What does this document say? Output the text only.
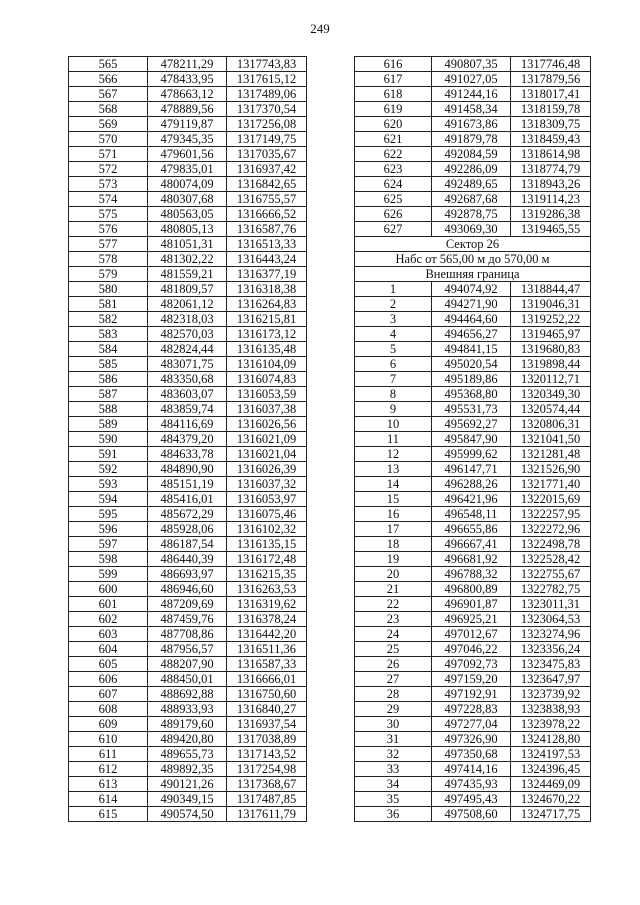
249
565	478211,29	1317743,83
566	478433,95	1317615,12
567	478663,12	1317489,06
568	478889,56	1317370,54
569	479119,87	1317256,08
570	479345,35	1317149,75
571	479601,56	1317035,67
572	479835,01	1316937,42
573	480074,09	1316842,65
574	480307,68	1316755,57
575	480563,05	1316666,52
576	480805,13	1316587,76
577	481051,31	1316513,33
578	481302,22	1316443,24
579	481559,21	1316377,19
580	481809,57	1316318,38
581	482061,12	1316264,83
582	482318,03	1316215,81
583	482570,03	1316173,12
584	482824,44	1316135,48
585	483071,75	1316104,09
586	483350,68	1316074,83
587	483603,07	1316053,59
588	483859,74	1316037,38
589	484116,69	1316026,56
590	484379,20	1316021,09
591	484633,78	1316021,04
592	484890,90	1316026,39
593	485151,19	1316037,32
594	485416,01	1316053,97
595	485672,29	1316075,46
596	485928,06	1316102,32
597	486187,54	1316135,15
598	486440,39	1316172,48
599	486693,97	1316215,35
600	486946,60	1316263,53
601	487209,69	1316319,62
602	487459,76	1316378,24
603	487708,86	1316442,20
604	487956,57	1316511,36
605	488207,90	1316587,33
606	488450,01	1316666,01
607	488692,88	1316750,60
608	488933,93	1316840,27
609	489179,60	1316937,54
610	489420,80	1317038,89
611	489655,73	1317143,52
612	489892,35	1317254,98
613	490121,26	1317368,67
614	490349,15	1317487,85
615	490574,50	1317611,79
616	490807,35	1317746,48
617	491027,05	1317879,56
618	491244,16	1318017,41
619	491458,34	1318159,78
620	491673,86	1318309,75
621	491879,78	1318459,43
622	492084,59	1318614,98
623	492286,09	1318774,79
624	492489,65	1318943,26
625	492687,68	1319114,23
626	492878,75	1319286,38
627	493069,30	1319465,55
Сектор 26		
Набс от 565,00 м до 570,00 м		
Внешняя граница		
1	494074,92	1318844,47
2	494271,90	1319046,31
3	494464,60	1319252,22
4	494656,27	1319465,97
5	494841,15	1319680,83
6	495020,54	1319898,44
7	495189,86	1320112,71
8	495368,80	1320349,30
9	495531,73	1320574,44
10	495692,27	1320806,31
11	495847,90	1321041,50
12	495999,62	1321281,48
13	496147,71	1321526,90
14	496288,26	1321771,40
15	496421,96	1322015,69
16	496548,11	1322257,95
17	496655,86	1322272,96
18	496667,41	1322498,78
19	496681,92	1322528,42
20	496788,32	1322755,67
21	496800,89	1322782,75
22	496901,87	1323011,31
23	496925,21	1323064,53
24	497012,67	1323274,96
25	497046,22	1323356,24
26	497092,73	1323475,83
27	497159,20	1323647,97
28	497192,91	1323739,92
29	497228,83	1323838,93
30	497277,04	1323978,22
31	497326,90	1324128,80
32	497350,68	1324197,53
33	497414,16	1324396,45
34	497435,93	1324469,09
35	497495,43	1324670,22
36	497508,60	1324717,75
